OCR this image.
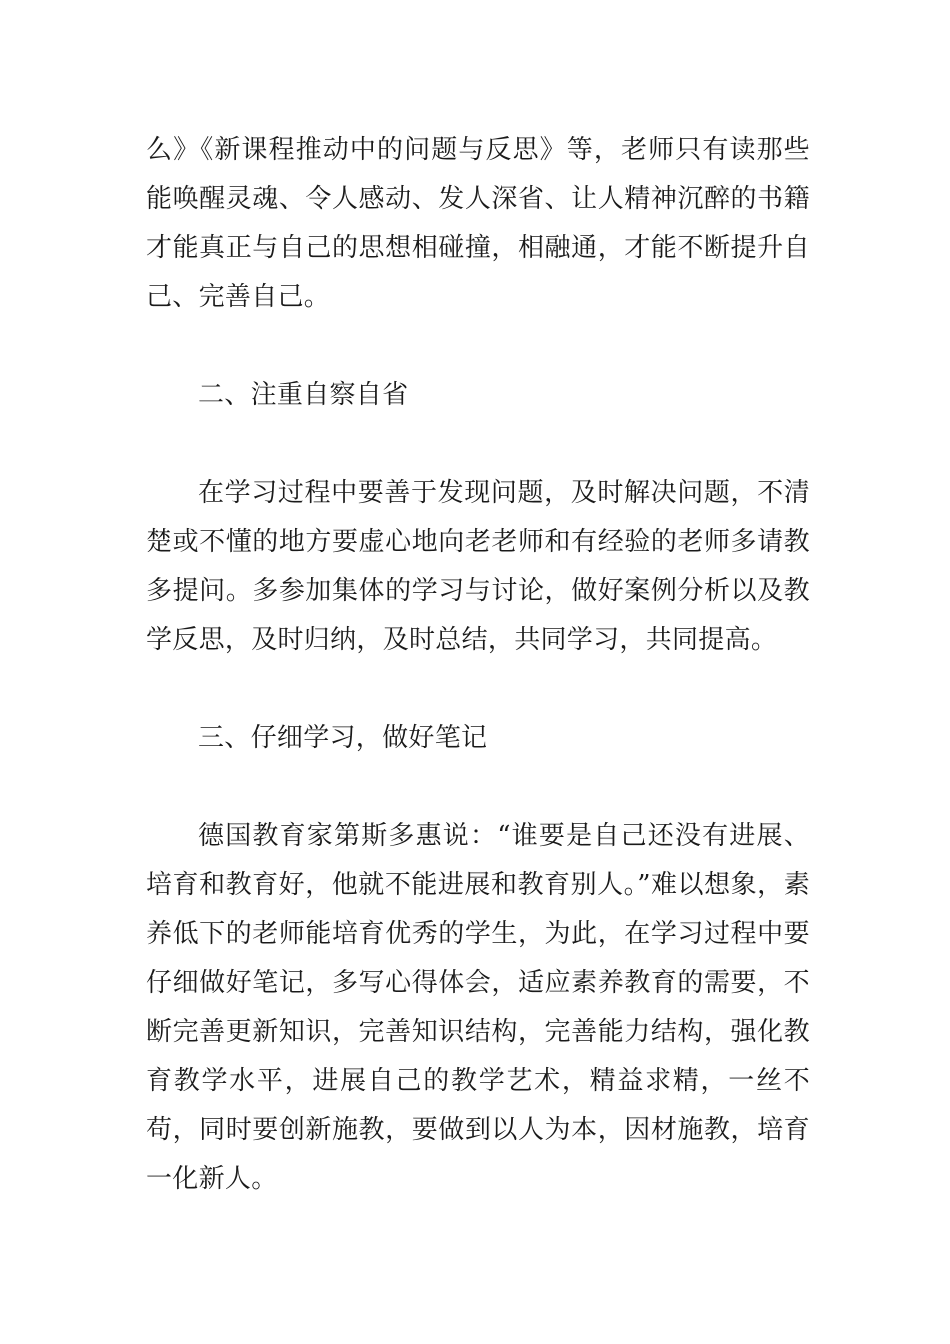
么》《新课程推动中的问题与反思》等，老师只有读那些能唤醒灵魂、令人感动、发人深省、让人精神沉醉的书籍才能真正与自己的思想相碰撞，相融通，才能不断提升自己、完善自己。

二、注重自察自省

在学习过程中要善于发现问题，及时解决问题，不清楚或不懂的地方要虚心地向老老师和有经验的老师多请教多提问。多参加集体的学习与讨论，做好案例分析以及教学反思，及时归纳，及时总结，共同学习，共同提高。

三、仔细学习，做好笔记

德国教育家第斯多惠说：“谁要是自己还没有进展、培育和教育好，他就不能进展和教育别人。”难以想象，素养低下的老师能培育优秀的学生，为此，在学习过程中要仔细做好笔记，多写心得体会，适应素养教育的需要，不断完善更新知识，完善知识结构，完善能力结构，强化教育教学水平，进展自己的教学艺术，精益求精，一丝不苟，同时要创新施教，要做到以人为本，因材施教，培育一化新人。
